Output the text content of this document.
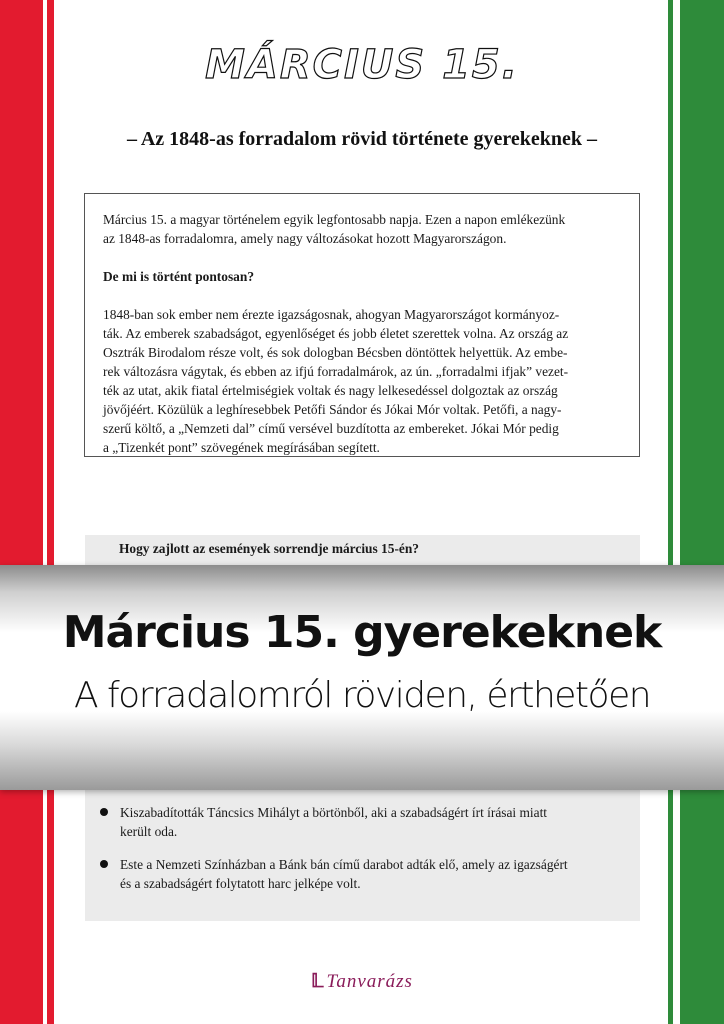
MÁRCIUS 15.
– Az 1848-as forradalom rövid története gyerekeknek –
Március 15. a magyar történelem egyik legfontosabb napja. Ezen a napon emlékezünk
az 1848-as forradalomra, amely nagy változásokat hozott Magyarországon.
De mi is történt pontosan?
1848-ban sok ember nem érezte igazságosnak, ahogyan Magyarországot kormányoz-
ták. Az emberek szabadságot, egyenlőséget és jobb életet szerettek volna. Az ország az
Osztrák Birodalom része volt, és sok dologban Bécsben döntöttek helyettük. Az embe-
rek változásra vágytak, és ebben az ifjú forradalmárok, az ún. „forradalmi ifjak” vezet-
ték az utat, akik fiatal értelmiségiek voltak és nagy lelkesedéssel dolgoztak az ország
jövőjéért. Közülük a leghíresebbek Petőfi Sándor és Jókai Mór voltak. Petőfi, a nagy-
szerű költő, a „Nemzeti dal” című versével buzdította az embereket. Jókai Mór pedig
a „Tizenkét pont” szövegének megírásában segített.
Hogy zajlott az események sorrendje március 15-én?
Kiszabadították Táncsics Mihályt a börtönből, aki a szabadságért írt írásai miatt
került oda.
Este a Nemzeti Színházban a Bánk bán című darabot adták elő, amely az igazságért
és a szabadságért folytatott harc jelképe volt.
Március 15. gyerekeknek
A forradalomról röviden, érthetően
𝕃 Tanvarázs
